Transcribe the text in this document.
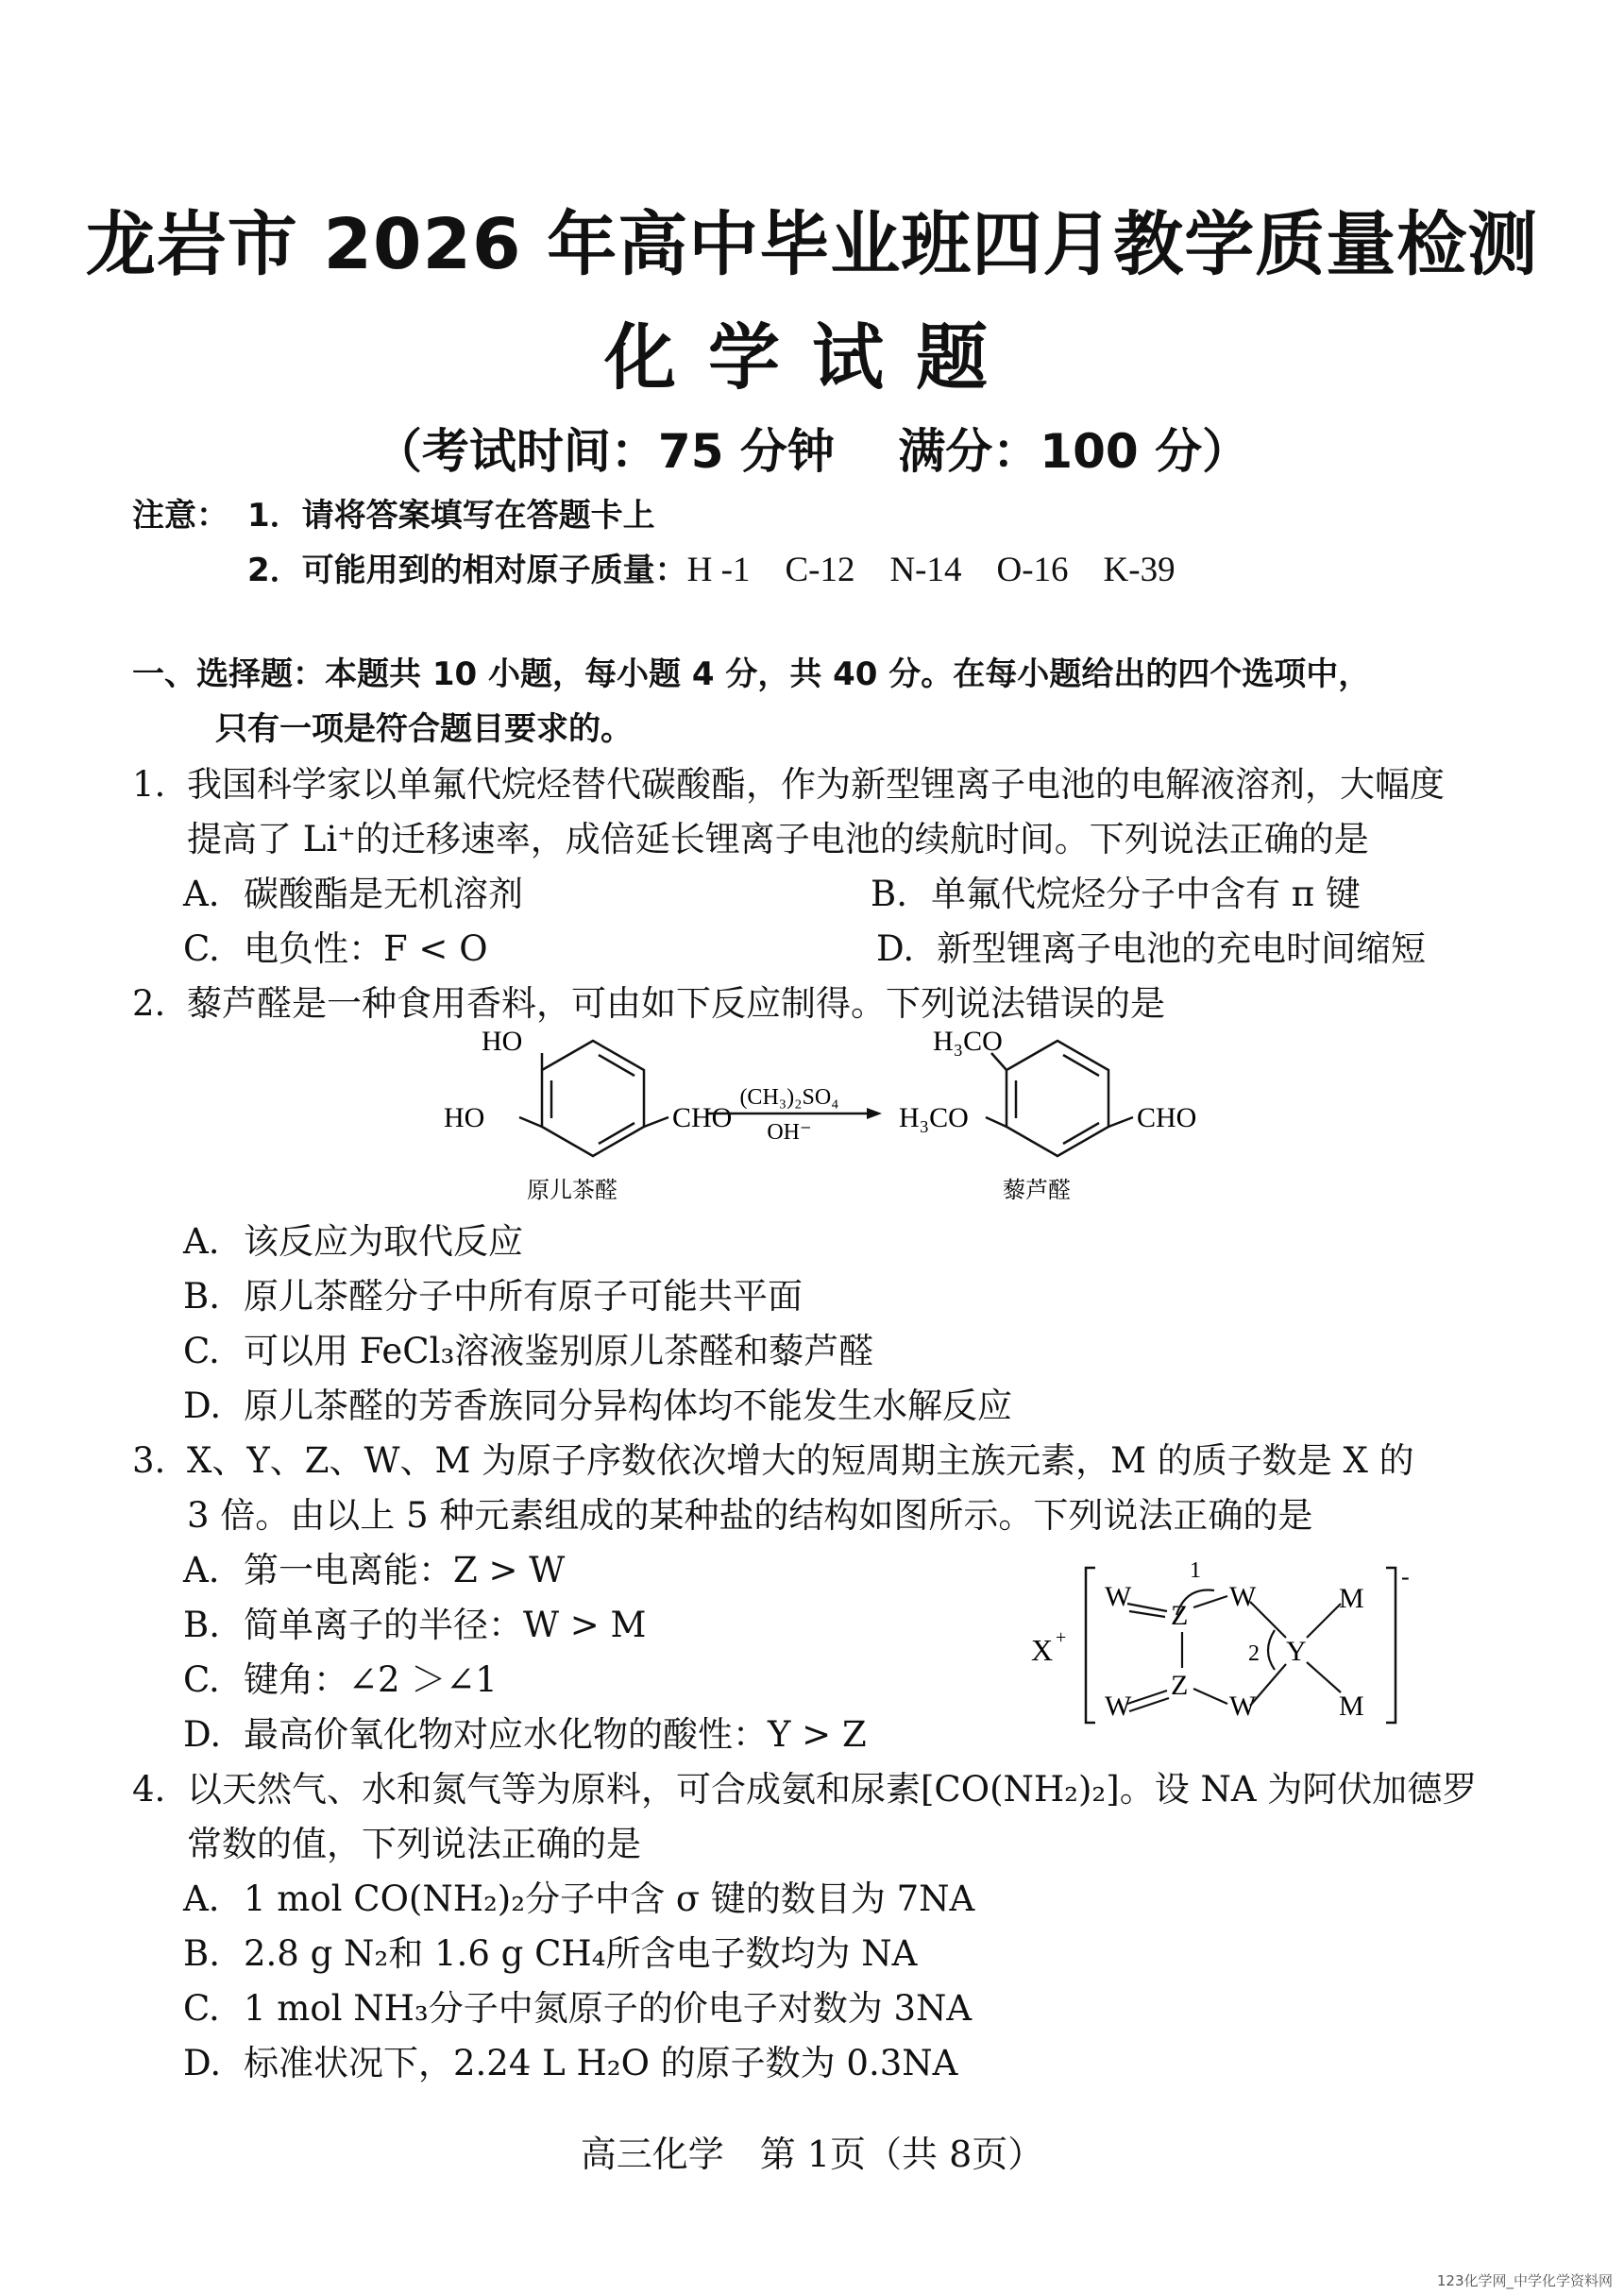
龙岩市 2026 年高中毕业班四月教学质量检测
化学试题
（考试时间：75 分钟　 满分：100 分）
注意： 1．请将答案填写在答题卡上
2．可能用到的相对原子质量：H -1　C-12　N-14　O-16　K-39
一、选择题：本题共 10 小题，每小题 4 分，共 40 分。在每小题给出的四个选项中，
只有一项是符合题目要求的。
1. 我国科学家以单氟代烷烃替代碳酸酯，作为新型锂离子电池的电解液溶剂，大幅度
提高了 Li⁺的迁移速率，成倍延长锂离子电池的续航时间。下列说法正确的是
A. 碳酸酯是无机溶剂	B. 单氟代烷烃分子中含有 π 键
C. 电负性：F < O	D. 新型锂离子电池的充电时间缩短
2. 藜芦醛是一种食用香料，可由如下反应制得。下列说法错误的是
HO
HO	CHO
原儿茶醛
(CH₃)₂SO₄
OH⁻
H₃CO
H₃CO	CHO
藜芦醛
A. 该反应为取代反应
B. 原儿茶醛分子中所有原子可能共平面
C. 可以用 FeCl₃溶液鉴别原儿茶醛和藜芦醛
D. 原儿茶醛的芳香族同分异构体均不能发生水解反应
3. X、Y、Z、W、M 为原子序数依次增大的短周期主族元素，M 的质子数是 X 的
3 倍。由以上 5 种元素组成的某种盐的结构如图所示。下列说法正确的是
A. 第一电离能：Z > W
B. 简单离子的半径：W > M
C. 键角：∠2 ＞∠1
D. 最高价氧化物对应水化物的酸性：Y > Z
X +
-
W
W
Z
Z
W
W
Y
M
M
1
2
4. 以天然气、水和氮气等为原料，可合成氨和尿素[CO(NH₂)₂]。设 NA 为阿伏加德罗
常数的值，下列说法正确的是
A. 1 mol CO(NH₂)₂分子中含 σ 键的数目为 7NA
B. 2.8 g N₂和 1.6 g CH₄所含电子数均为 NA
C. 1 mol NH₃分子中氮原子的价电子对数为 3NA
D. 标准状况下，2.24 L H₂O 的原子数为 0.3NA
高三化学　第 1页（共 8页）
123化学网_中学化学资料网
